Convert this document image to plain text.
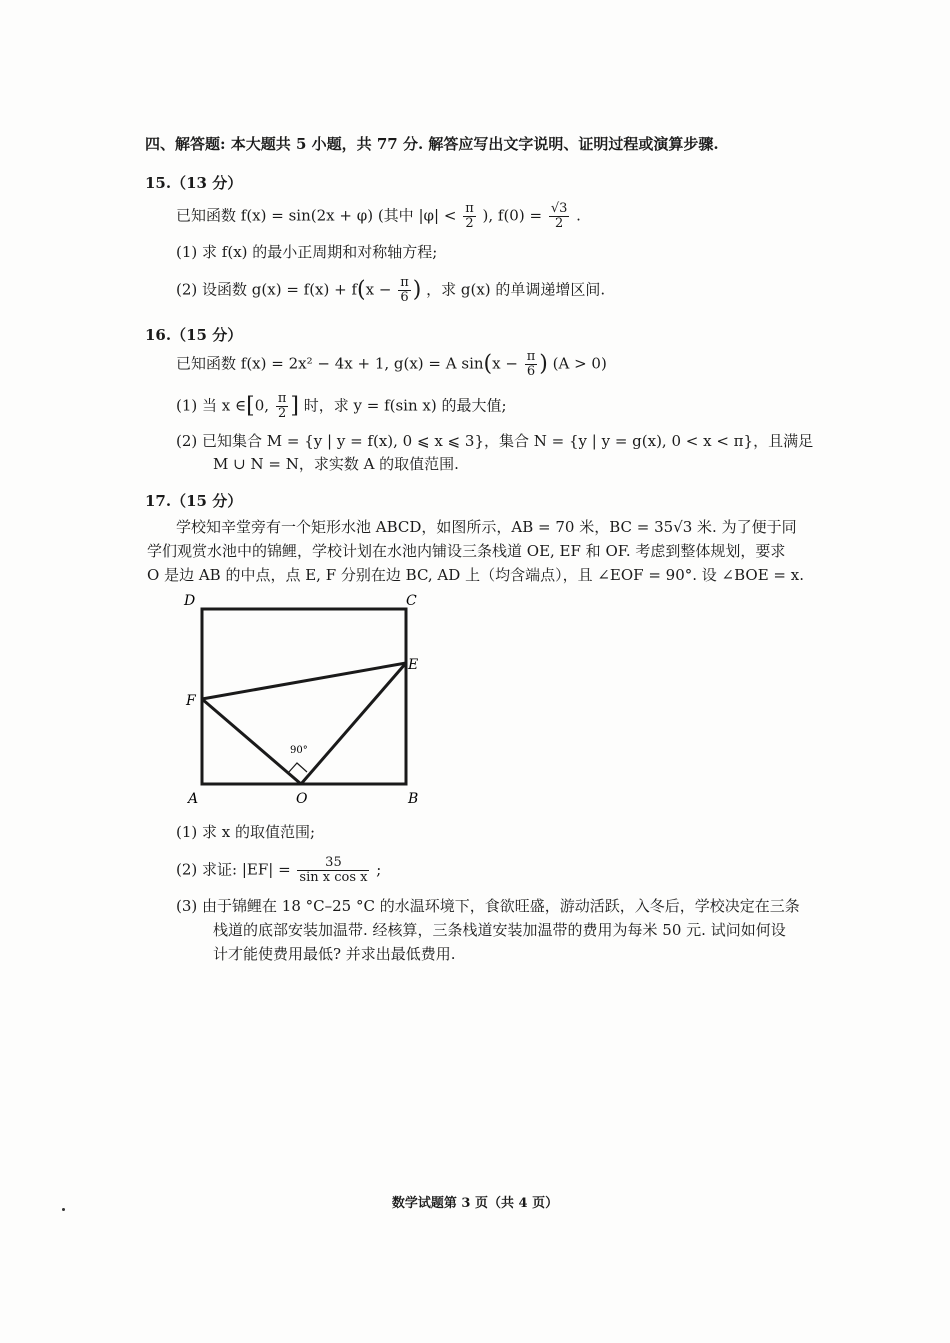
四、解答题: 本大题共 5 小题，共 77 分. 解答应写出文字说明、证明过程或演算步骤.
15.（13 分）
已知函数 f(x) = sin(2x + φ) (其中 $|\varphi| < \frac{\pi}{2}$ ), $f(0) = \frac{√3}{2}$ .
(1) 求 f(x) 的最小正周期和对称轴方程;
(2) 设函数 $g(x) = f(x) + f(x - \frac{\pi}{6}$ ) ，求 g(x) 的单调递增区间.
16.（15 分）
已知函数 f(x) = 2x² − 4x + 1, g(x) = A $\sin(x - \frac{\pi}{6}$ ) (A > 0)
(1) 当 x ∈[0, $\frac{\pi}{2}$ ] 时，求 y = f(sin x) 的最大值;
(2) 已知集合 M = {y | y = f(x), 0 ⩽ x ⩽ 3}，集合 N = {y | y = g(x), 0 < x < π}，且满足
M ∪ N = N，求实数 A 的取值范围.
17.（15 分）
学校知辛堂旁有一个矩形水池 ABCD，如图所示，AB = 70 米，BC = 35√3 米. 为了便于同
学们观赏水池中的锦鲤，学校计划在水池内铺设三条栈道 OE, EF 和 OF. 考虑到整体规划，要求
O 是边 AB 的中点，点 E, F 分别在边 BC, AD 上（均含端点），且 ∠EOF = 90°. 设 ∠BOE = x.
90°
D	C
E
F
A	O	B
(1) 求 x 的取值范围;
(2) 求证: $|EF| = \frac{35}{\text{sin x cos x}}$ ;
(3) 由于锦鲤在 18 °C–25 °C 的水温环境下，食欲旺盛，游动活跃，入冬后，学校决定在三条
栈道的底部安装加温带. 经核算，三条栈道安装加温带的费用为每米 50 元. 试问如何设
计才能使费用最低? 并求出最低费用.
数学试题第 3 页（共 4 页）
